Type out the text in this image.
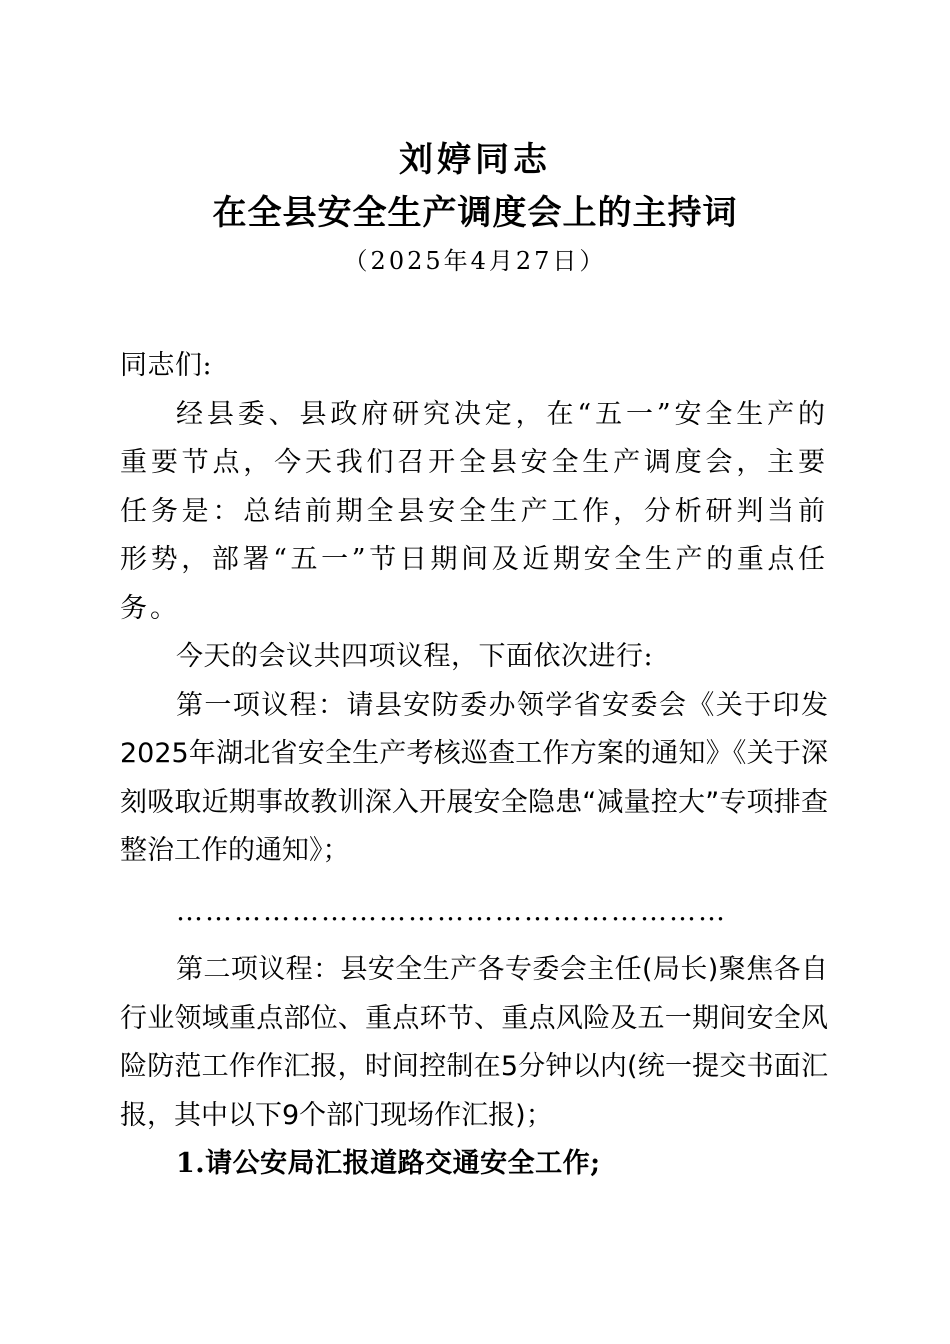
刘婷同志
在全县安全生产调度会上的主持词
（2025年4月27日）

同志们:

经县委、县政府研究决定，在“五一”安全生产的重要节点，今天我们召开全县安全生产调度会，主要任务是：总结前期全县安全生产工作，分析研判当前形势，部署“五一”节日期间及近期安全生产的重点任务。

今天的会议共四项议程，下面依次进行:

第一项议程：请县安防委办领学省安委会《关于印发2025年湖北省安全生产考核巡查工作方案的通知》《关于深刻吸取近期事故教训深入开展安全隐患“减量控大”专项排查整治工作的通知》；

…………………………………………………

第二项议程：县安全生产各专委会主任(局长)聚焦各自行业领域重点部位、重点环节、重点风险及五一期间安全风险防范工作作汇报，时间控制在5分钟以内(统一提交书面汇报，其中以下9个部门现场作汇报)；

1.请公安局汇报道路交通安全工作;
